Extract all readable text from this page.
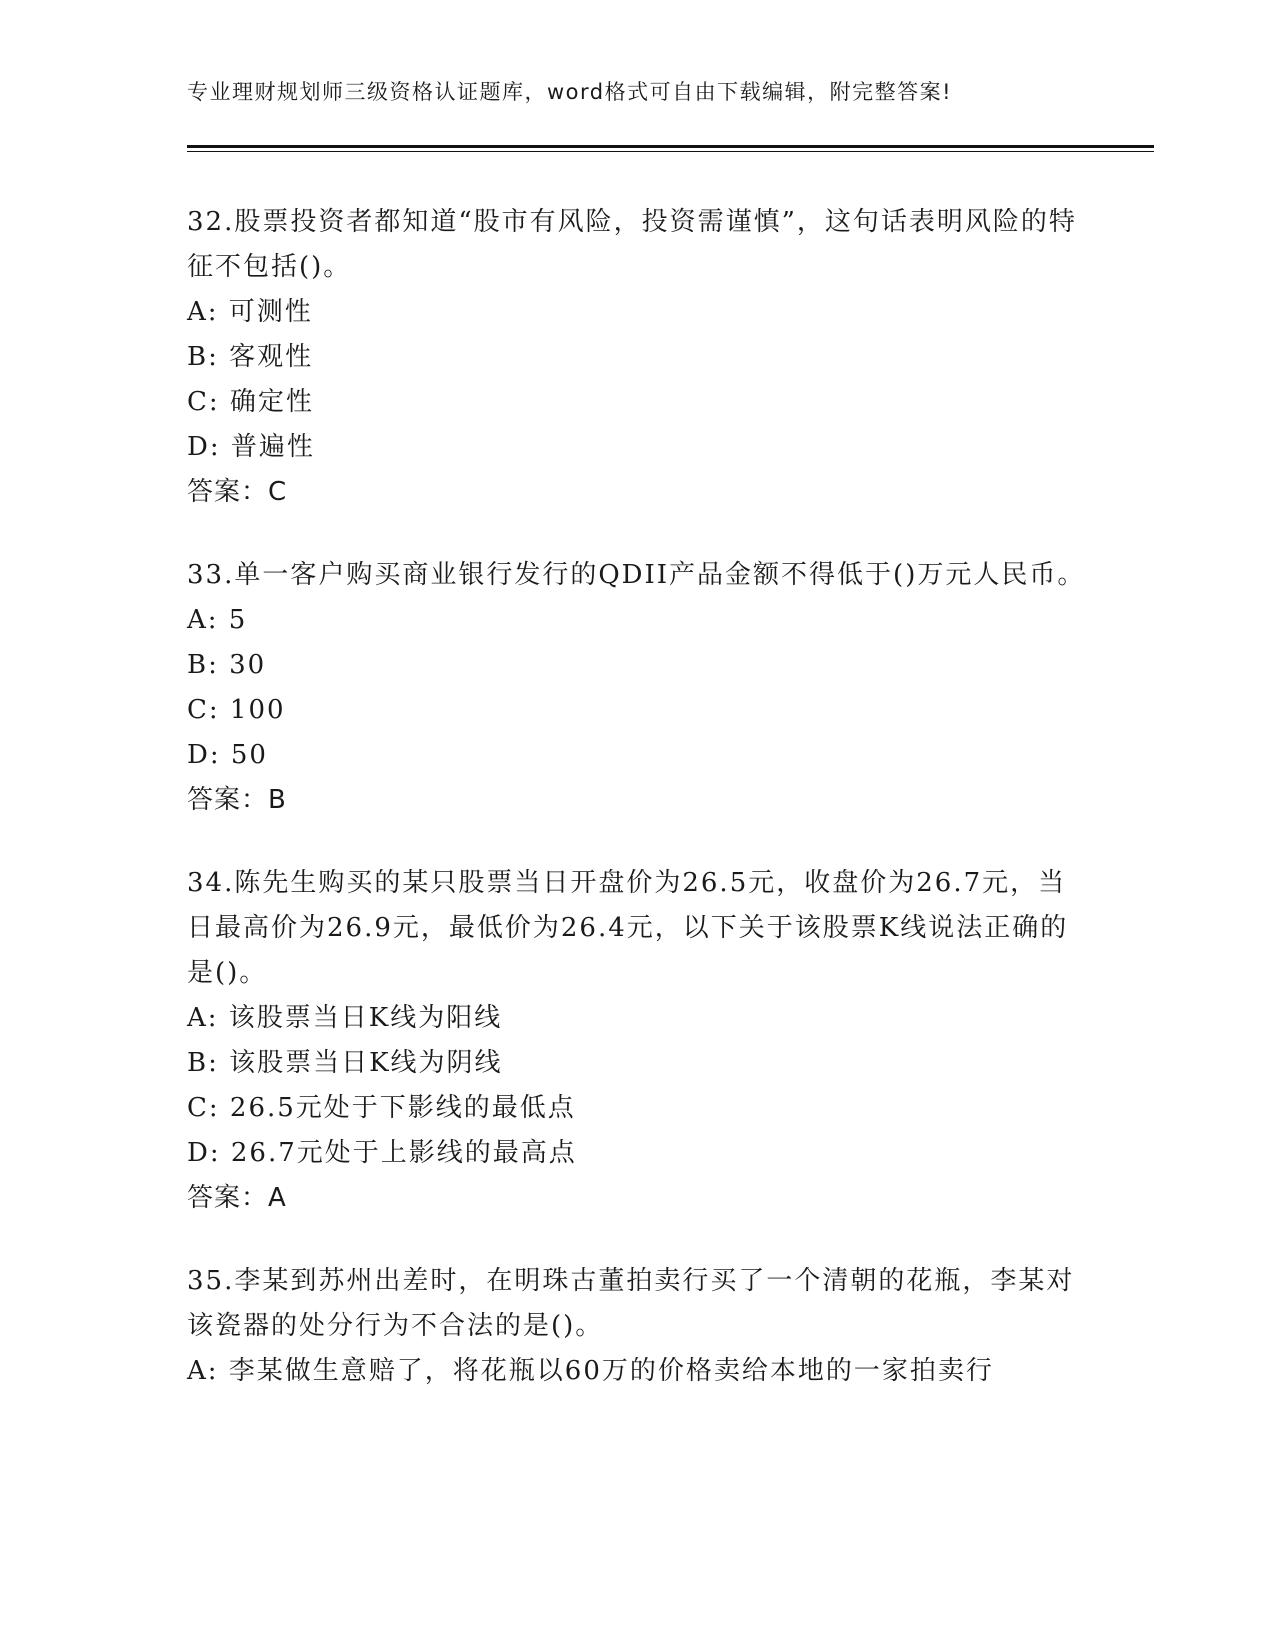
专业理财规划师三级资格认证题库，word格式可自由下载编辑，附完整答案!

32.股票投资者都知道“股市有风险，投资需谨慎”，这句话表明风险的特征不包括()。

A: 可测性
B: 客观性
C: 确定性
D: 普遍性
答案：C

33.单一客户购买商业银行发行的QDII产品金额不得低于()万元人民币。

A: 5
B: 30
C: 100
D: 50
答案：B

34.陈先生购买的某只股票当日开盘价为26.5元，收盘价为26.7元，当日最高价为26.9元，最低价为26.4元，以下关于该股票K线说法正确的是()。

A: 该股票当日K线为阳线
B: 该股票当日K线为阴线
C: 26.5元处于下影线的最低点
D: 26.7元处于上影线的最高点
答案：A

35.李某到苏州出差时，在明珠古董拍卖行买了一个清朝的花瓶，李某对该瓷器的处分行为不合法的是()。

A: 李某做生意赔了，将花瓶以60万的价格卖给本地的一家拍卖行
